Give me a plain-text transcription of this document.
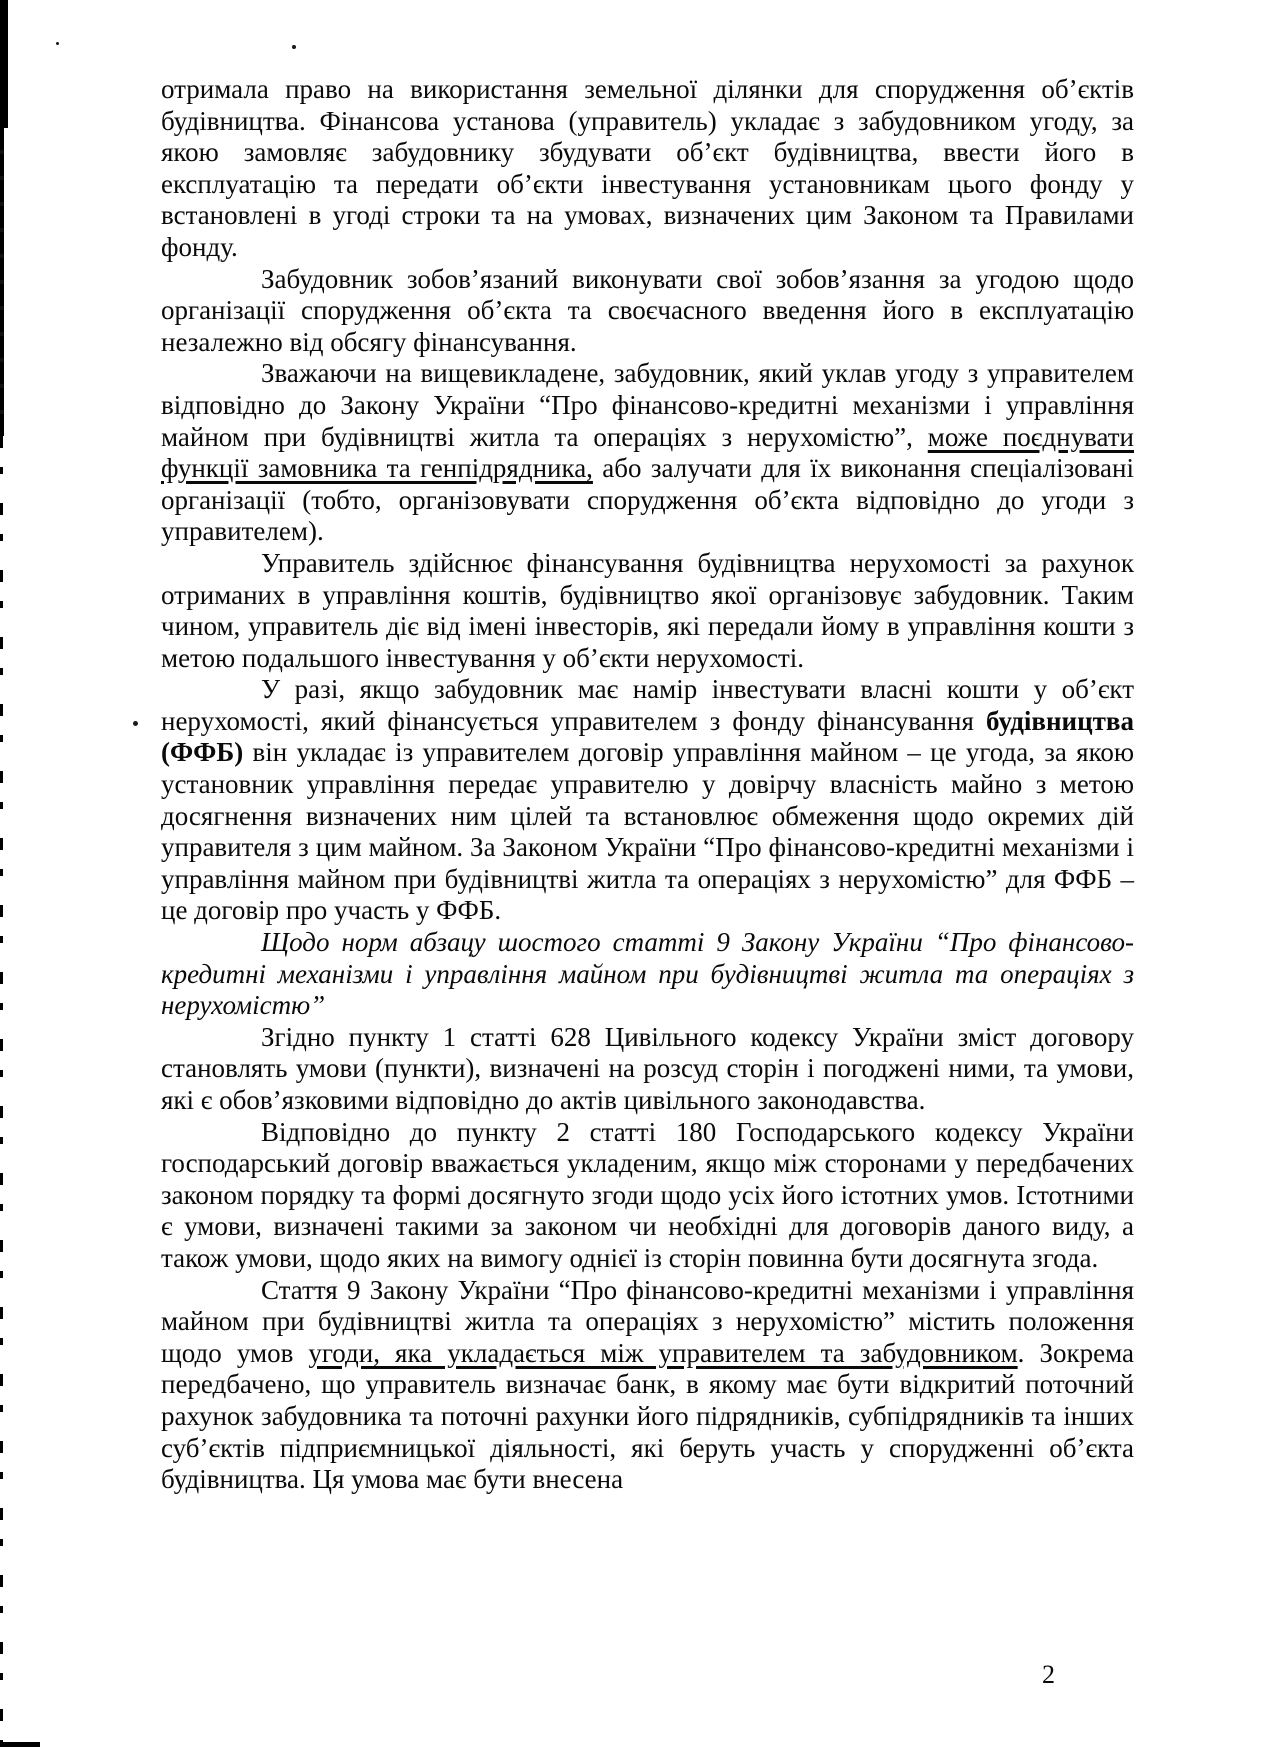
отримала право на використання земельної ділянки для спорудження об’єктів будівництва. Фінансова установа (управитель) укладає з забудовником угоду, за якою замовляє забудовнику збудувати об’єкт будівництва, ввести його в експлуатацію та передати об’єкти інвестування установникам цього фонду у встановлені в угоді строки та на умовах, визначених цим Законом та Правилами фонду.

Забудовник зобов’язаний виконувати свої зобов’язання за угодою щодо організації спорудження об’єкта та своєчасного введення його в експлуатацію незалежно від обсягу фінансування.

Зважаючи на вищевикладене, забудовник, який уклав угоду з управителем відповідно до Закону України “Про фінансово-кредитні механізми і управління майном при будівництві житла та операціях з нерухомістю”, може поєднувати функції замовника та генпідрядника, або залучати для їх виконання спеціалізовані організації (тобто, організовувати спорудження об’єкта відповідно до угоди з управителем).

Управитель здійснює фінансування будівництва нерухомості за рахунок отриманих в управління коштів, будівництво якої організовує забудовник. Таким чином, управитель діє від імені інвесторів, які передали йому в управління кошти з метою подальшого інвестування у об’єкти нерухомості.

У разі, якщо забудовник має намір інвестувати власні кошти у об’єкт нерухомості, який фінансується управителем з фонду фінансування будівництва (ФФБ) він укладає із управителем договір управління майном – це угода, за якою установник управління передає управителю у довірчу власність майно з метою досягнення визначених ним цілей та встановлює обмеження щодо окремих дій управителя з цим майном. За Законом України “Про фінансово-кредитні механізми і управління майном при будівництві житла та операціях з нерухомістю” для ФФБ – це договір про участь у ФФБ.

Щодо норм абзацу шостого статті 9 Закону України “Про фінансово-кредитні механізми і управління майном при будівництві житла та операціях з нерухомістю”

Згідно пункту 1 статті 628 Цивільного кодексу України зміст договору становлять умови (пункти), визначені на розсуд сторін і погоджені ними, та умови, які є обов’язковими відповідно до актів цивільного законодавства.

Відповідно до пункту 2 статті 180 Господарського кодексу України господарський договір вважається укладеним, якщо між сторонами у передбачених законом порядку та формі досягнуто згоди щодо усіх його істотних умов. Істотними є умови, визначені такими за законом чи необхідні для договорів даного виду, а також умови, щодо яких на вимогу однієї із сторін повинна бути досягнута згода.

Стаття 9 Закону України “Про фінансово-кредитні механізми і управління майном при будівництві житла та операціях з нерухомістю” містить положення щодо умов угоди, яка укладається між управителем та забудовником. Зокрема передбачено, що управитель визначає банк, в якому має бути відкритий поточний рахунок забудовника та поточні рахунки його підрядників, субпідрядників та інших суб’єктів підприємницької діяльності, які беруть участь у спорудженні об’єкта будівництва. Ця умова має бути внесена

2
